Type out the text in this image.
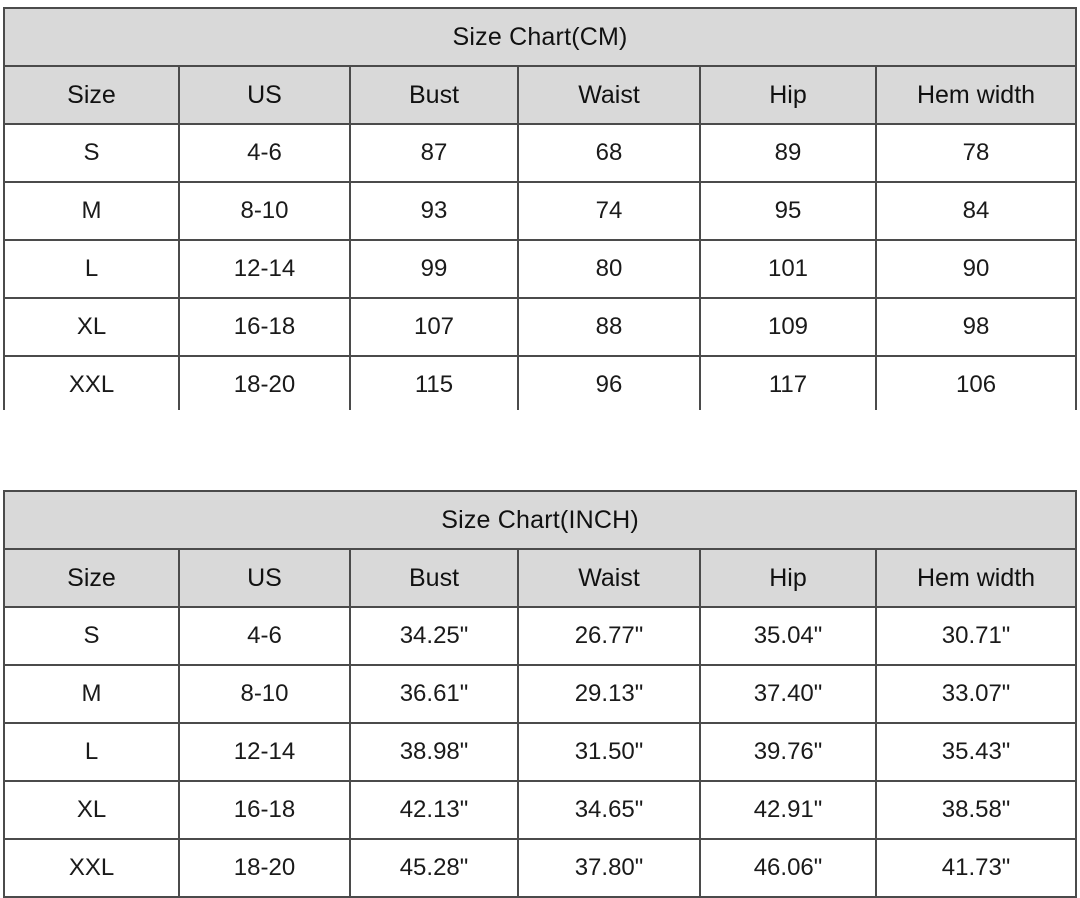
Size Chart(CM)					
Size	US	Bust	Waist	Hip	Hem width
S	4-6	87	68	89	78
M	8-10	93	74	95	84
L	12-14	99	80	101	90
XL	16-18	107	88	109	98
XXL	18-20	115	96	117	106
Size Chart(INCH)					
Size	US	Bust	Waist	Hip	Hem width
S	4-6	34.25"	26.77"	35.04"	30.71"
M	8-10	36.61"	29.13"	37.40"	33.07"
L	12-14	38.98"	31.50"	39.76"	35.43"
XL	16-18	42.13"	34.65"	42.91"	38.58"
XXL	18-20	45.28"	37.80"	46.06"	41.73"
